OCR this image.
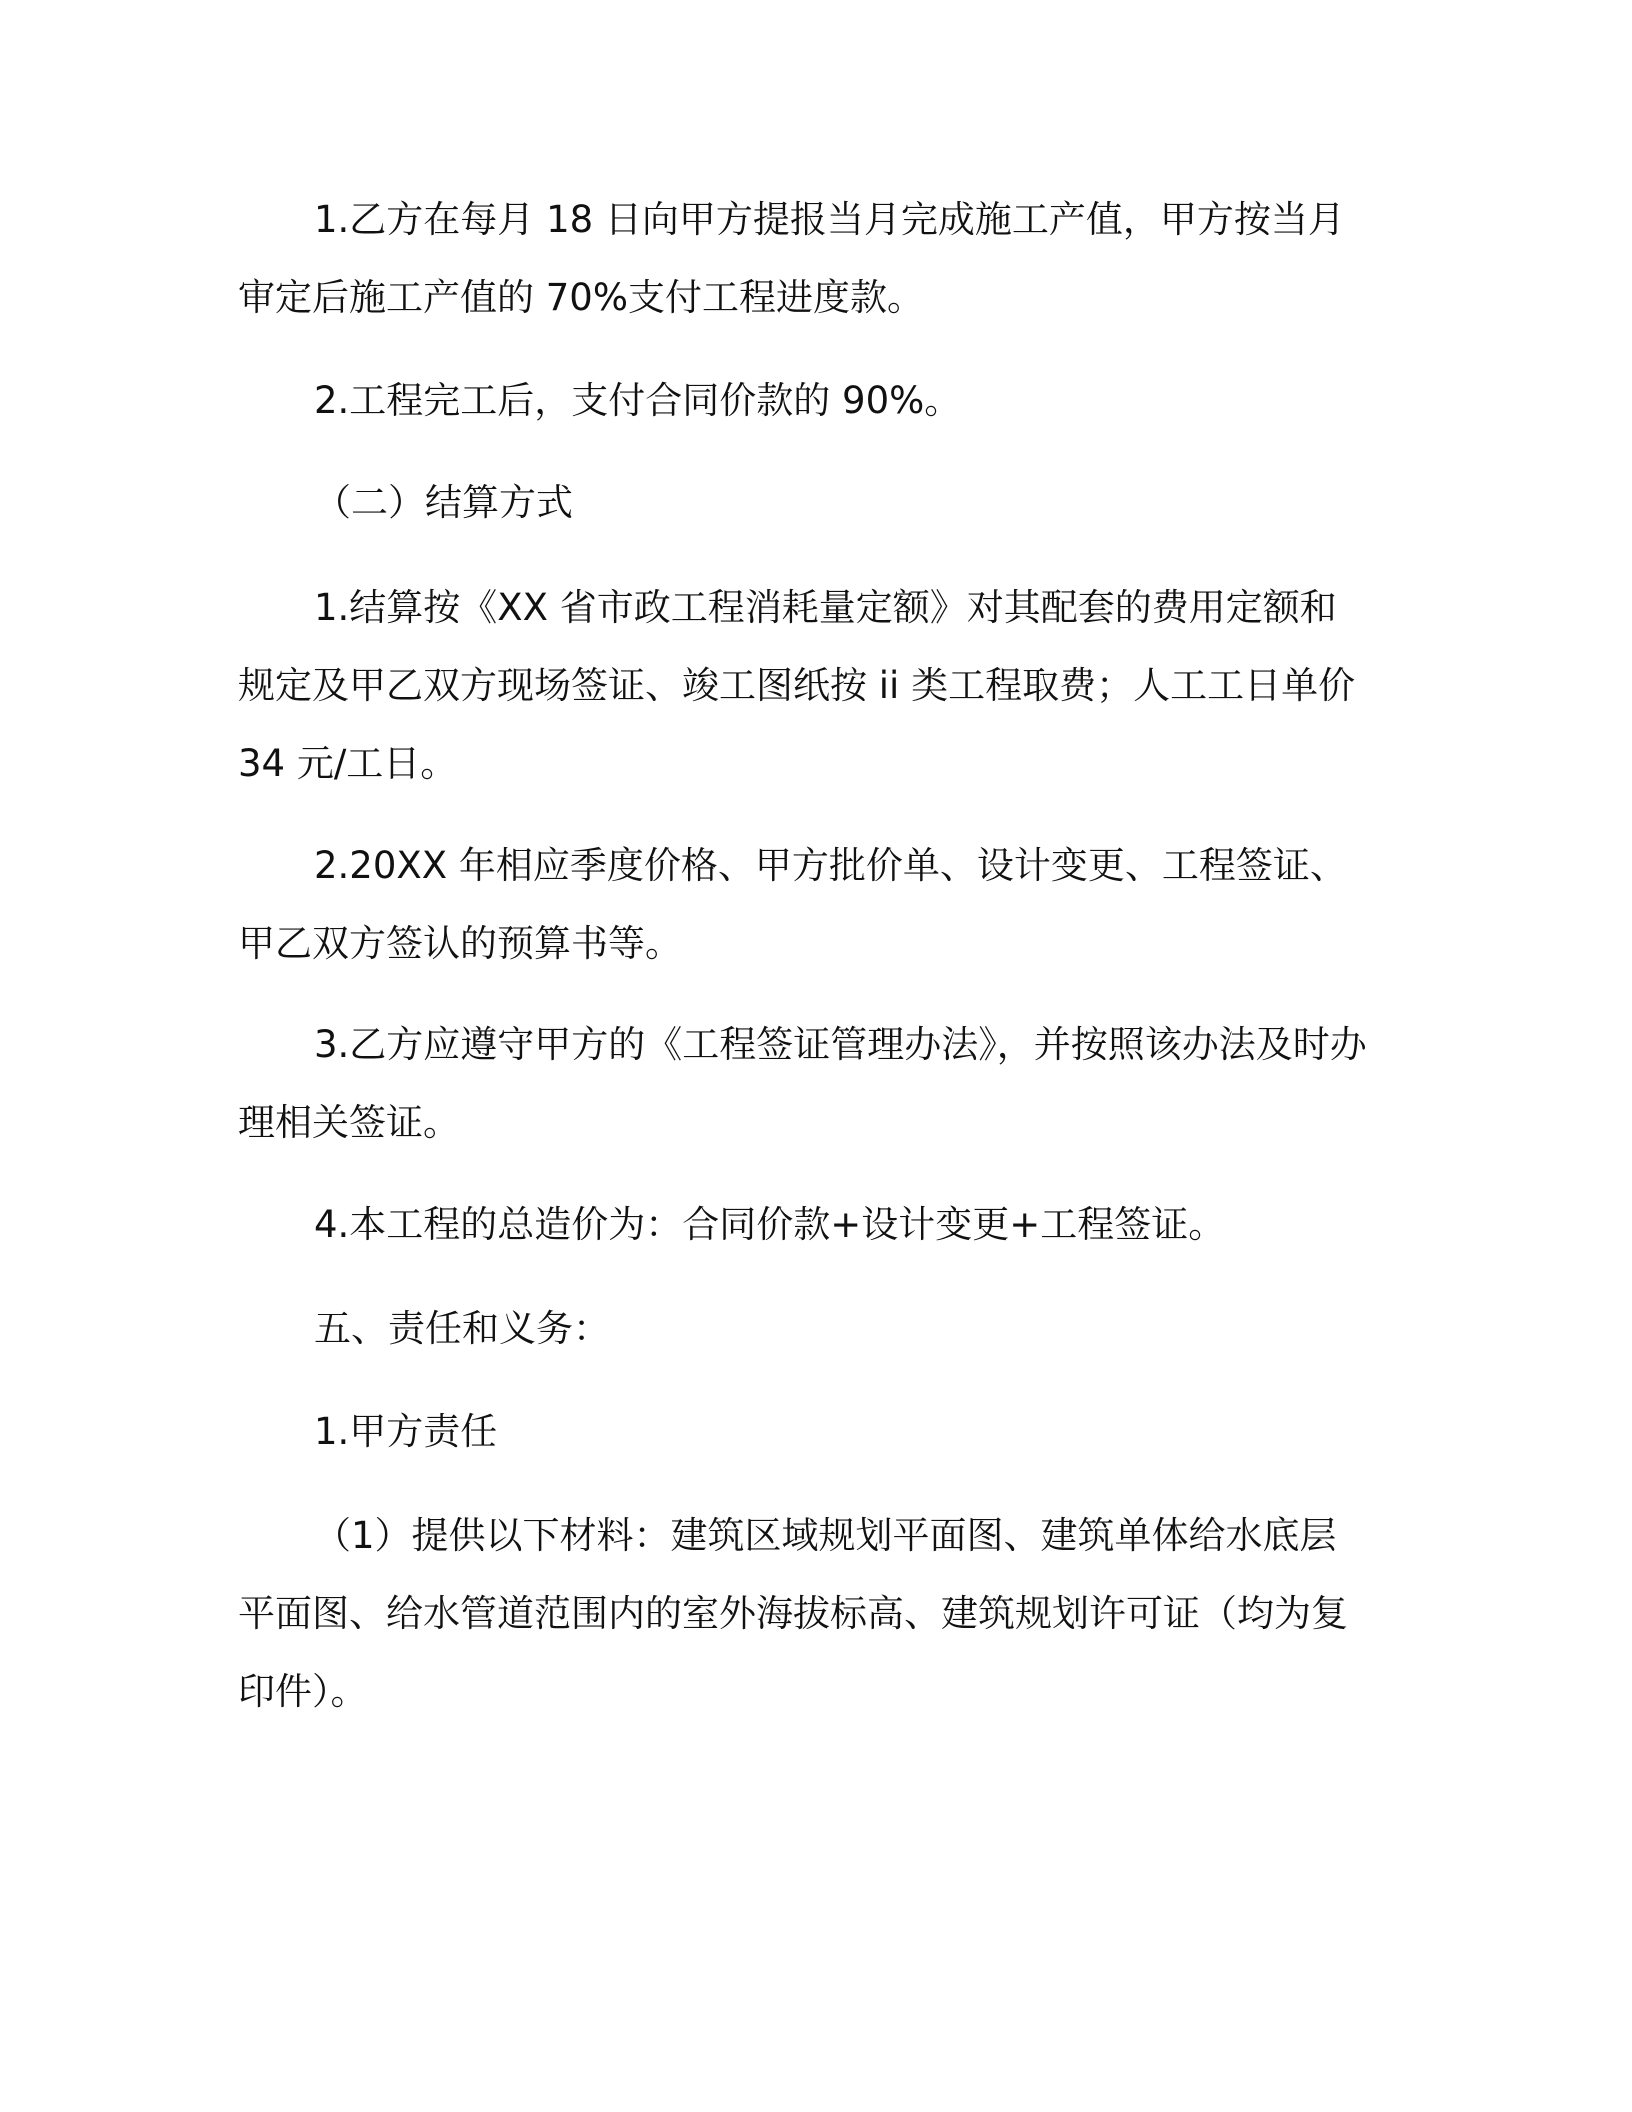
1.乙方在每月 18 日向甲方提报当月完成施工产值，甲方按当月审定后施工产值的 70%支付工程进度款。

2.工程完工后，支付合同价款的 90%。

（二）结算方式

1.结算按《XX 省市政工程消耗量定额》对其配套的费用定额和规定及甲乙双方现场签证、竣工图纸按 ii 类工程取费；人工工日单价 34 元/工日。

2.20XX 年相应季度价格、甲方批价单、设计变更、工程签证、甲乙双方签认的预算书等。

3.乙方应遵守甲方的《工程签证管理办法》，并按照该办法及时办理相关签证。

4.本工程的总造价为：合同价款+设计变更+工程签证。

五、责任和义务：

1.甲方责任

（1）提供以下材料：建筑区域规划平面图、建筑单体给水底层平面图、给水管道范围内的室外海拔标高、建筑规划许可证（均为复印件）。
